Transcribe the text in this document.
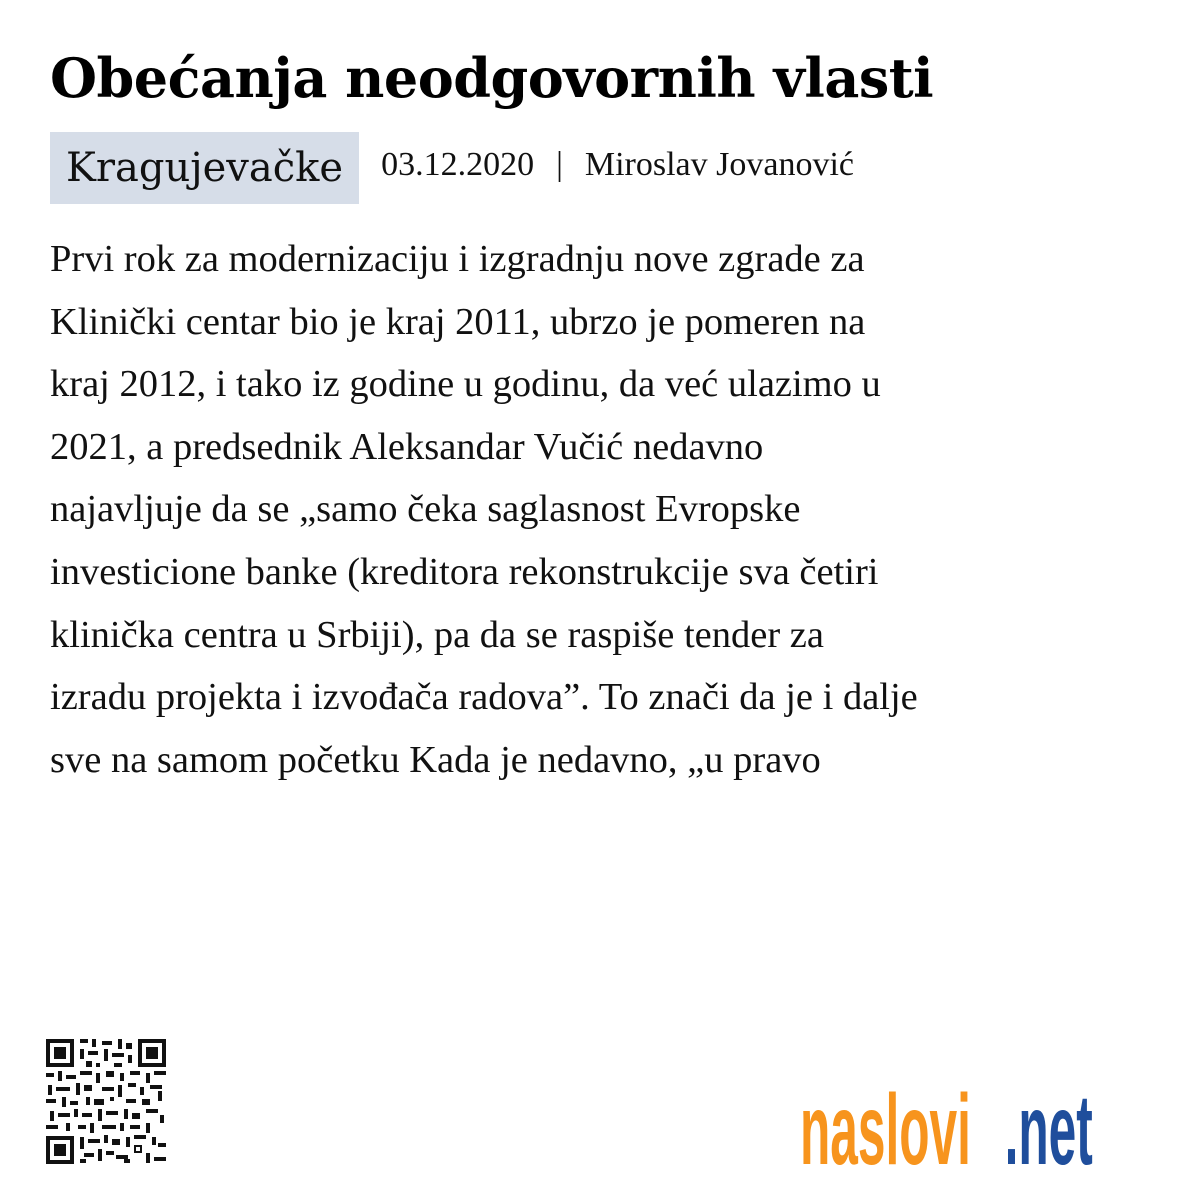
Obećanja neodgovornih vlasti
Kragujevačke	03.12.2020 | Miroslav Jovanović

Prvi rok za modernizaciju i izgradnju nove zgrade za
Klinički centar bio je kraj 2011, ubrzo je pomeren na
kraj 2012, i tako iz godine u godinu, da već ulazimo u
2021, a predsednik Aleksandar Vučić nedavno
najavljuje da se „samo čeka saglasnost Evropske
investicione banke (kreditora rekonstrukcije sva četiri
klinička centra u Srbiji), pa da se raspiše tender za
izradu projekta i izvođača radova”. To znači da je i dalje
sve na samom početku Kada je nedavno, „u pravo

naslovi .net
